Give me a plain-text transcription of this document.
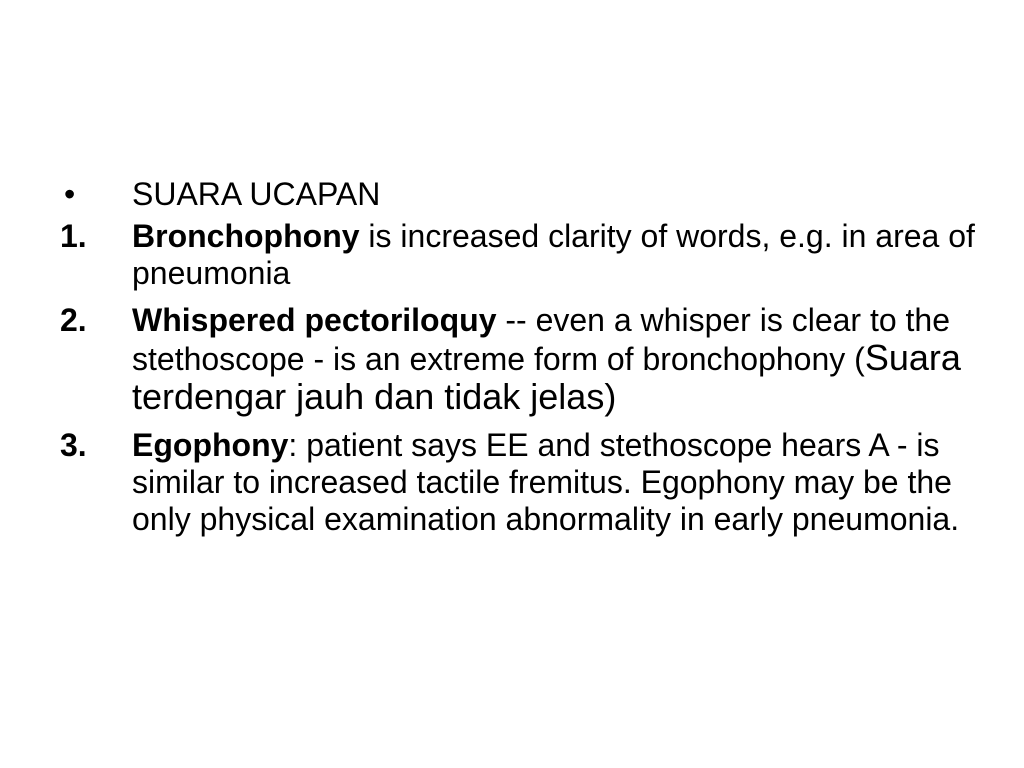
• SUARA UCAPAN
1. Bronchophony is increased clarity of words, e.g. in area of pneumonia
2. Whispered pectoriloquy -- even a whisper is clear to the stethoscope - is an extreme form of bronchophony (Suara terdengar jauh dan tidak jelas)
3. Egophony: patient says EE and stethoscope hears A - is similar to increased tactile fremitus. Egophony may be the only physical examination abnormality in early pneumonia.
